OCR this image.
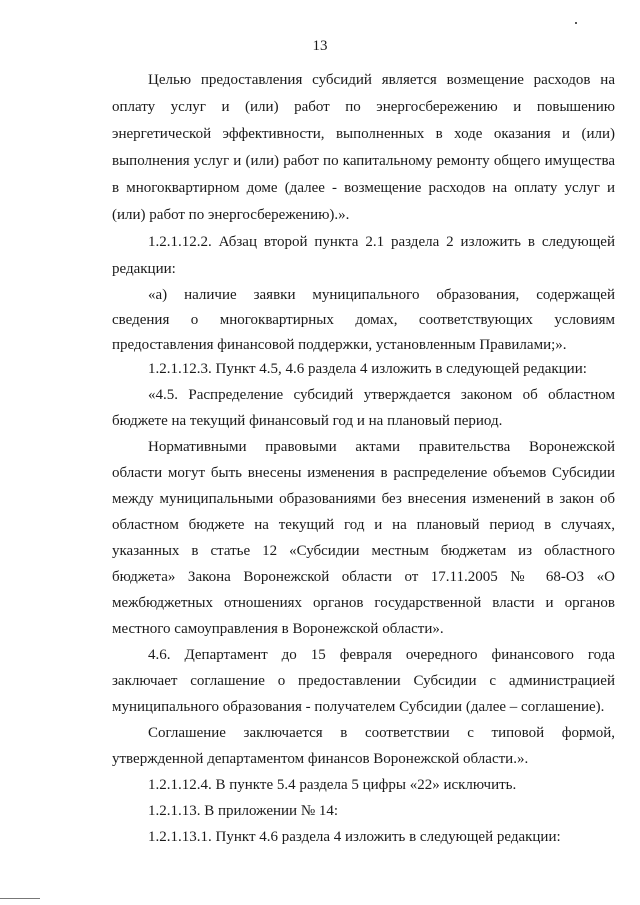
13
Целью предоставления субсидий является возмещение расходов на
оплату услуг и (или) работ по энергосбережению и повышению
энергетической эффективности, выполненных в ходе оказания и (или)
выполнения услуг и (или) работ по капитальному ремонту общего имущества
в многоквартирном доме (далее - возмещение расходов на оплату услуг и
(или) работ по энергосбережению).».
1.2.1.12.2. Абзац второй пункта 2.1 раздела 2 изложить в следующей
редакции:
«а) наличие заявки муниципального образования, содержащей
сведения о многоквартирных домах, соответствующих условиям
предоставления финансовой поддержки, установленным Правилами;».
1.2.1.12.3. Пункт 4.5, 4.6 раздела 4 изложить в следующей редакции:
«4.5. Распределение субсидий утверждается законом об областном
бюджете на текущий финансовый год и на плановый период.
Нормативными правовыми актами правительства Воронежской
области могут быть внесены изменения в распределение объемов Субсидии
между муниципальными образованиями без внесения изменений в закон об
областном бюджете на текущий год и на плановый период в случаях,
указанных в статье 12 «Субсидии местным бюджетам из областного
бюджета» Закона Воронежской области от 17.11.2005 № 68-ОЗ «О
межбюджетных отношениях органов государственной власти и органов
местного самоуправления в Воронежской области».
4.6. Департамент до 15 февраля очередного финансового года
заключает соглашение о предоставлении Субсидии с администрацией
муниципального образования - получателем Субсидии (далее – соглашение).
Соглашение заключается в соответствии с типовой формой,
утвержденной департаментом финансов Воронежской области.».
1.2.1.12.4. В пункте 5.4 раздела 5 цифры «22» исключить.
1.2.1.13. В приложении № 14:
1.2.1.13.1. Пункт 4.6 раздела 4 изложить в следующей редакции:
